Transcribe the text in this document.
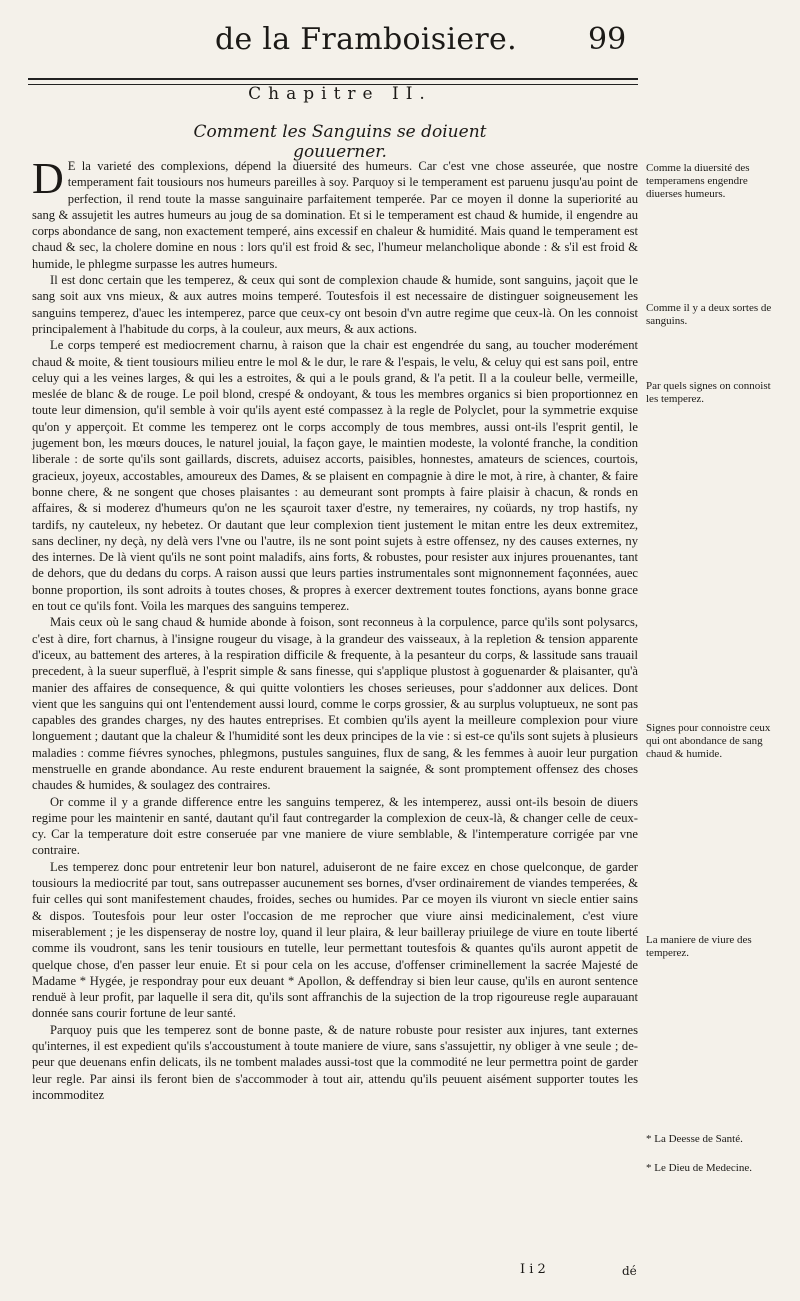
de la Framboisiere. 99
Chapitre II.
Comment les Sanguins se doiuent gouuerner.

D E la varieté des complexions, dépend la diuersité des humeurs. Car c'est vne chose asseurée, que nostre temperament fait tousiours nos humeurs pareilles à soy. Parquoy si le temperament est paruenu jusqu'au point de perfection, il rend toute la masse sanguinaire parfaitement temperée. Par ce moyen il donne la superiorité au sang & assujetit les autres humeurs au joug de sa domination. Et si le temperament est chaud & humide, il engendre au corps abondance de sang, non exactement temperé, ains excessif en chaleur & humidité. Mais quand le temperament est chaud & sec, la cholere domine en nous : lors qu'il est froid & sec, l'humeur melancholique abonde : & s'il est froid & humide, le phlegme surpasse les autres humeurs.

Il est donc certain que les temperez, & ceux qui sont de complexion chaude & humide, sont sanguins, jaçoit que le sang soit aux vns mieux, & aux autres moins temperé. Toutesfois il est necessaire de distinguer soigneusement les sanguins temperez, d'auec les intemperez, parce que ceux-cy ont besoin d'vn autre regime que ceux-là. On les connoist principalement à l'habitude du corps, à la couleur, aux meurs, & aux actions.

Le corps temperé est mediocrement charnu, à raison que la chair est engendrée du sang, au toucher moderément chaud & moite, & tient tousiours milieu entre le mol & le dur, le rare & l'espais, le velu, & celuy qui est sans poil, entre celuy qui a les veines larges, & qui les a estroites, & qui a le pouls grand, & l'a petit. Il a la couleur belle, vermeille, meslée de blanc & de rouge. Le poil blond, crespé & ondoyant, & tous les membres organics si bien proportionnez en toute leur dimension, qu'il semble à voir qu'ils ayent esté compassez à la regle de Polyclet, pour la symmetrie exquise qu'on y apperçoit. Et comme les temperez ont le corps accomply de tous membres, aussi ont-ils l'esprit gentil, le jugement bon, les mœurs douces, le naturel jouial, la façon gaye, le maintien modeste, la volonté franche, la condition liberale : de sorte qu'ils sont gaillards, discrets, aduisez accorts, paisibles, honnestes, amateurs de sciences, courtois, gracieux, joyeux, accostables, amoureux des Dames, & se plaisent en compagnie à dire le mot, à rire, à chanter, & faire bonne chere, & ne songent que choses plaisantes : au demeurant sont prompts à faire plaisir à chacun, & ronds en affaires, & si moderez d'humeurs qu'on ne les sçauroit taxer d'estre, ny temeraires, ny coüards, ny trop hastifs, ny tardifs, ny cauteleux, ny hebetez. Or dautant que leur complexion tient justement le mitan entre les deux extremitez, sans decliner, ny deçà, ny delà vers l'vne ou l'autre, ils ne sont point sujets à estre offensez, ny des causes externes, ny des internes. De là vient qu'ils ne sont point maladifs, ains forts, & robustes, pour resister aux injures prouenantes, tant de dehors, que du dedans du corps. A raison aussi que leurs parties instrumentales sont mignonnement façonnées, auec bonne proportion, ils sont adroits à toutes choses, & propres à exercer dextrement toutes fonctions, ayans bonne grace en tout ce qu'ils font. Voila les marques des sanguins temperez.

Mais ceux où le sang chaud & humide abonde à foison, sont reconneus à la corpulence, parce qu'ils sont polysarcs, c'est à dire, fort charnus, à l'insigne rougeur du visage, à la grandeur des vaisseaux, à la repletion & tension apparente d'iceux, au battement des arteres, à la respiration difficile & frequente, à la pesanteur du corps, & lassitude sans trauail precedent, à la sueur superfluë, à l'esprit simple & sans finesse, qui s'applique plustost à goguenarder & plaisanter, qu'à manier des affaires de consequence, & qui quitte volontiers les choses serieuses, pour s'addonner aux delices. Dont vient que les sanguins qui ont l'entendement aussi lourd, comme le corps grossier, & au surplus voluptueux, ne sont pas capables des grandes charges, ny des hautes entreprises. Et combien qu'ils ayent la meilleure complexion pour viure longuement ; dautant que la chaleur & l'humidité sont les deux principes de la vie : si est-ce qu'ils sont sujets à plusieurs maladies : comme fiévres synoches, phlegmons, pustules sanguines, flux de sang, & les femmes à auoir leur purgation menstruelle en grande abondance. Au reste endurent brauement la saignée, & sont promptement offensez des choses chaudes & humides, & soulagez des contraires.

Or comme il y a grande difference entre les sanguins temperez, & les intemperez, aussi ont-ils besoin de diuers regime pour les maintenir en santé, dautant qu'il faut contregarder la complexion de ceux-là, & changer celle de ceux-cy. Car la temperature doit estre conseruée par vne maniere de viure semblable, & l'intemperature corrigée par vne contraire.

Les temperez donc pour entretenir leur bon naturel, aduiseront de ne faire excez en chose quelconque, de garder tousiours la mediocrité par tout, sans outrepasser aucunement ses bornes, d'vser ordinairement de viandes temperées, & fuir celles qui sont manifestement chaudes, froides, seches ou humides. Par ce moyen ils viuront vn siecle entier sains & dispos. Toutesfois pour leur oster l'occasion de me reprocher que viure ainsi medicinalement, c'est viure miserablement ; je les dispenseray de nostre loy, quand il leur plaira, & leur bailleray priuilege de viure en toute liberté comme ils voudront, sans les tenir tousiours en tutelle, leur permettant toutesfois & quantes qu'ils auront appetit de quelque chose, d'en passer leur enuie. Et si pour cela on les accuse, d'offenser criminellement la sacrée Majesté de Madame * Hygée, je respondray pour eux deuant * Apollon, & deffendray si bien leur cause, qu'ils en auront sentence renduë à leur profit, par laquelle il sera dit, qu'ils sont affranchis de la sujection de la trop rigoureuse regle auparauant donnée sans courir fortune de leur santé.

Parquoy puis que les temperez sont de bonne paste, & de nature robuste pour resister aux injures, tant externes qu'internes, il est expedient qu'ils s'accoustument à toute maniere de viure, sans s'assujettir, ny obliger à vne seule ; de-peur que deuenans enfin delicats, ils ne tombent malades aussi-tost que la commodité ne leur permettra point de garder leur regle. Par ainsi ils feront bien de s'accommoder à tout air, attendu qu'ils peuuent aisément supporter toutes les incommoditez

Comme la diuersité des temperamens engendre diuerses humeurs.
Comme il y a deux sortes de sanguins.
Par quels signes on connoist les temperez.
Signes pour connoistre ceux qui ont abondance de sang chaud & humide.
La maniere de viure des temperez.
* La Deesse de Santé.
* Le Dieu de Medecine.
I i 2	dé
